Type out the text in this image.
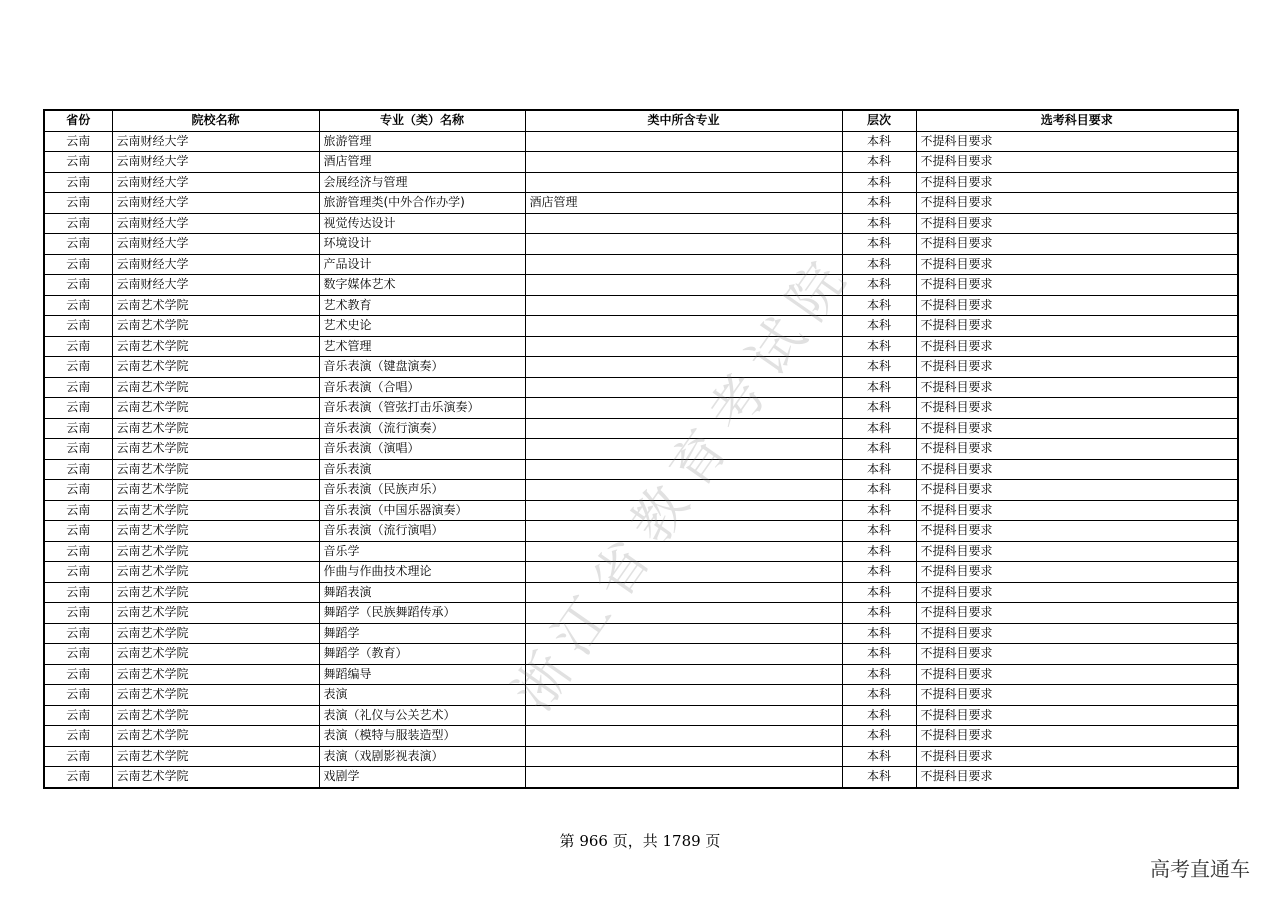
省份	院校名称	专业（类）名称	类中所含专业	层次	选考科目要求
云南	云南财经大学	旅游管理		本科	不提科目要求
云南	云南财经大学	酒店管理		本科	不提科目要求
云南	云南财经大学	会展经济与管理		本科	不提科目要求
云南	云南财经大学	旅游管理类(中外合作办学)	酒店管理	本科	不提科目要求
云南	云南财经大学	视觉传达设计		本科	不提科目要求
云南	云南财经大学	环境设计		本科	不提科目要求
云南	云南财经大学	产品设计		本科	不提科目要求
云南	云南财经大学	数字媒体艺术		本科	不提科目要求
云南	云南艺术学院	艺术教育		本科	不提科目要求
云南	云南艺术学院	艺术史论		本科	不提科目要求
云南	云南艺术学院	艺术管理		本科	不提科目要求
云南	云南艺术学院	音乐表演（键盘演奏）		本科	不提科目要求
云南	云南艺术学院	音乐表演（合唱）		本科	不提科目要求
云南	云南艺术学院	音乐表演（管弦打击乐演奏）		本科	不提科目要求
云南	云南艺术学院	音乐表演（流行演奏）		本科	不提科目要求
云南	云南艺术学院	音乐表演（演唱）		本科	不提科目要求
云南	云南艺术学院	音乐表演		本科	不提科目要求
云南	云南艺术学院	音乐表演（民族声乐）		本科	不提科目要求
云南	云南艺术学院	音乐表演（中国乐器演奏）		本科	不提科目要求
云南	云南艺术学院	音乐表演（流行演唱）		本科	不提科目要求
云南	云南艺术学院	音乐学		本科	不提科目要求
云南	云南艺术学院	作曲与作曲技术理论		本科	不提科目要求
云南	云南艺术学院	舞蹈表演		本科	不提科目要求
云南	云南艺术学院	舞蹈学（民族舞蹈传承）		本科	不提科目要求
云南	云南艺术学院	舞蹈学		本科	不提科目要求
云南	云南艺术学院	舞蹈学（教育）		本科	不提科目要求
云南	云南艺术学院	舞蹈编导		本科	不提科目要求
云南	云南艺术学院	表演		本科	不提科目要求
云南	云南艺术学院	表演（礼仪与公关艺术）		本科	不提科目要求
云南	云南艺术学院	表演（模特与服装造型）		本科	不提科目要求
云南	云南艺术学院	表演（戏剧影视表演）		本科	不提科目要求
云南	云南艺术学院	戏剧学		本科	不提科目要求
浙江省教育考试院
第 966 页，共 1789 页
高考直通车
